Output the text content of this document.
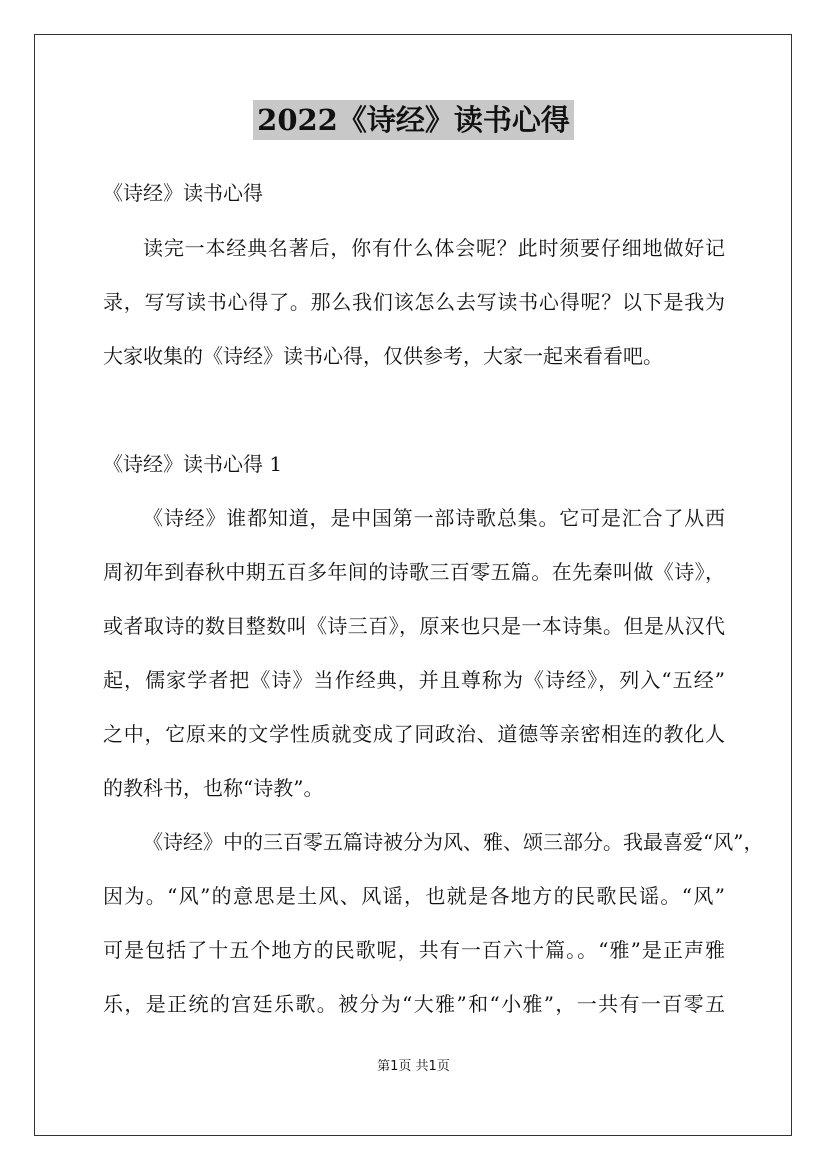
2022《诗经》读书心得
《诗经》读书心得
读完一本经典名著后，你有什么体会呢？此时须要仔细地做好记
录，写写读书心得了。那么我们该怎么去写读书心得呢？以下是我为
大家收集的《诗经》读书心得，仅供参考，大家一起来看看吧。
《诗经》读书心得 1
《诗经》谁都知道，是中国第一部诗歌总集。它可是汇合了从西
周初年到春秋中期五百多年间的诗歌三百零五篇。在先秦叫做《诗》，
或者取诗的数目整数叫《诗三百》，原来也只是一本诗集。但是从汉代
起，儒家学者把《诗》当作经典，并且尊称为《诗经》，列入“五经”
之中，它原来的文学性质就变成了同政治、道德等亲密相连的教化人
的教科书，也称“诗教”。
《诗经》中的三百零五篇诗被分为风、雅、颂三部分。我最喜爱“风”，
因为。“风”的意思是土风、风谣，也就是各地方的民歌民谣。“风”
可是包括了十五个地方的民歌呢，共有一百六十篇。。“雅”是正声雅
乐，是正统的宫廷乐歌。被分为“大雅”和“小雅”，一共有一百零五
第1页 共1页
